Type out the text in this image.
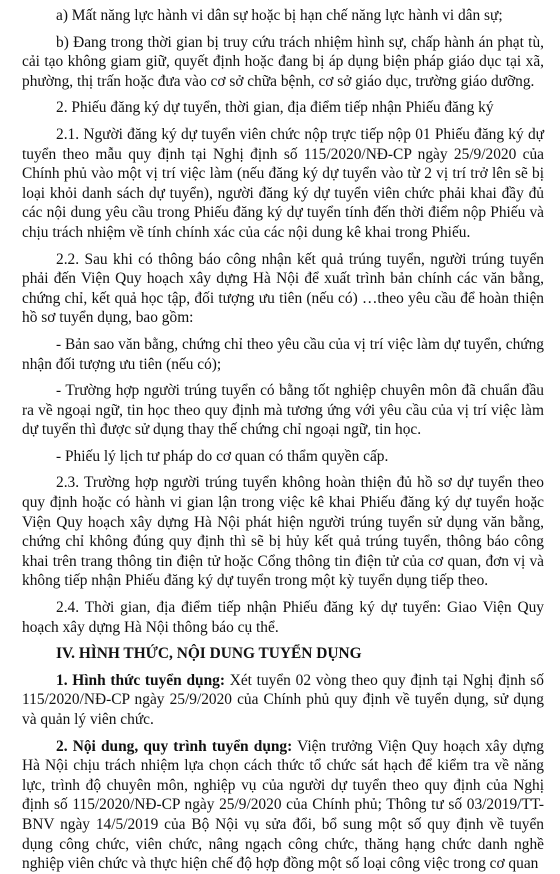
a) Mất năng lực hành vi dân sự hoặc bị hạn chế năng lực hành vi dân sự;

b) Đang trong thời gian bị truy cứu trách nhiệm hình sự, chấp hành án phạt tù, cải tạo không giam giữ, quyết định hoặc đang bị áp dụng biện pháp giáo dục tại xã, phường, thị trấn hoặc đưa vào cơ sở chữa bệnh, cơ sở giáo dục, trường giáo dưỡng.

2. Phiếu đăng ký dự tuyển, thời gian, địa điểm tiếp nhận Phiếu đăng ký

2.1. Người đăng ký dự tuyển viên chức nộp trực tiếp nộp 01 Phiếu đăng ký dự tuyển theo mẫu quy định tại Nghị định số 115/2020/NĐ-CP ngày 25/9/2020 của Chính phủ vào một vị trí việc làm (nếu đăng ký dự tuyển vào từ 2 vị trí trở lên sẽ bị loại khỏi danh sách dự tuyển), người đăng ký dự tuyển viên chức phải khai đầy đủ các nội dung yêu cầu trong Phiếu đăng ký dự tuyển tính đến thời điểm nộp Phiếu và chịu trách nhiệm về tính chính xác của các nội dung kê khai trong Phiếu.

2.2. Sau khi có thông báo công nhận kết quả trúng tuyển, người trúng tuyển phải đến Viện Quy hoạch xây dựng Hà Nội để xuất trình bản chính các văn bằng, chứng chỉ, kết quả học tập, đối tượng ưu tiên (nếu có) …theo yêu cầu để hoàn thiện hồ sơ tuyển dụng, bao gồm:

- Bản sao văn bằng, chứng chỉ theo yêu cầu của vị trí việc làm dự tuyển, chứng nhận đối tượng ưu tiên (nếu có);

- Trường hợp người trúng tuyển có bằng tốt nghiệp chuyên môn đã chuẩn đầu ra về ngoại ngữ, tin học theo quy định mà tương ứng với yêu cầu của vị trí việc làm dự tuyển thì được sử dụng thay thế chứng chỉ ngoại ngữ, tin học.

- Phiếu lý lịch tư pháp do cơ quan có thẩm quyền cấp.

2.3. Trường hợp người trúng tuyển không hoàn thiện đủ hồ sơ dự tuyển theo quy định hoặc có hành vi gian lận trong việc kê khai Phiếu đăng ký dự tuyển hoặc Viện Quy hoạch xây dựng Hà Nội phát hiện người trúng tuyển sử dụng văn bằng, chứng chỉ không đúng quy định thì sẽ bị hủy kết quả trúng tuyển, thông báo công khai trên trang thông tin điện tử hoặc Cổng thông tin điện tử của cơ quan, đơn vị và không tiếp nhận Phiếu đăng ký dự tuyển trong một kỳ tuyển dụng tiếp theo.

2.4. Thời gian, địa điểm tiếp nhận Phiếu đăng ký dự tuyển: Giao Viện Quy hoạch xây dựng Hà Nội thông báo cụ thể.

IV. HÌNH THỨC, NỘI DUNG TUYỂN DỤNG

1. Hình thức tuyển dụng: Xét tuyển 02 vòng theo quy định tại Nghị định số 115/2020/NĐ-CP ngày 25/9/2020 của Chính phủ quy định về tuyển dụng, sử dụng và quản lý viên chức.

2. Nội dung, quy trình tuyển dụng: Viện trưởng Viện Quy hoạch xây dựng Hà Nội chịu trách nhiệm lựa chọn cách thức tổ chức sát hạch để kiểm tra về năng lực, trình độ chuyên môn, nghiệp vụ của người dự tuyển theo quy định của Nghị định số 115/2020/NĐ-CP ngày 25/9/2020 của Chính phủ; Thông tư số 03/2019/TT-BNV ngày 14/5/2019 của Bộ Nội vụ sửa đổi, bổ sung một số quy định về tuyển dụng công chức, viên chức, nâng ngạch công chức, thăng hạng chức danh nghề nghiệp viên chức và thực hiện chế độ hợp đồng một số loại công việc trong cơ quan
